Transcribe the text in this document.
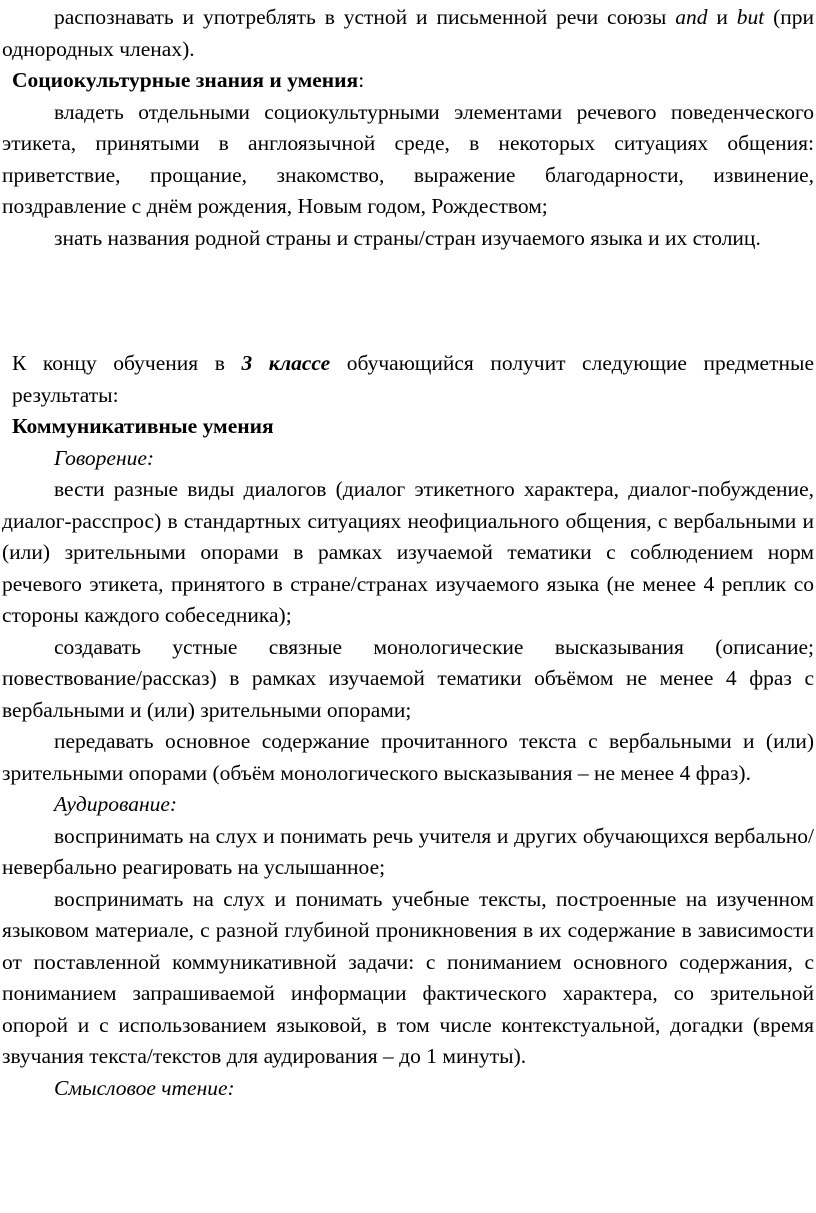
распознавать и употреблять в устной и письменной речи союзы and и but (при однородных членах).

Социокультурные знания и умения:

владеть отдельными социокультурными элементами речевого поведенческого этикета, принятыми в англоязычной среде, в некоторых ситуациях общения: приветствие, прощание, знакомство, выражение благодарности, извинение, поздравление с днём рождения, Новым годом, Рождеством;

знать названия родной страны и страны/стран изучаемого языка и их столиц.

К концу обучения в 3 классе обучающийся получит следующие предметные результаты:

Коммуникативные умения

Говорение:

вести разные виды диалогов (диалог этикетного характера, диалог-побуждение, диалог-расспрос) в стандартных ситуациях неофициального общения, с вербальными и (или) зрительными опорами в рамках изучаемой тематики с соблюдением норм речевого этикета, принятого в стране/странах изучаемого языка (не менее 4 реплик со стороны каждого собеседника);

создавать устные связные монологические высказывания (описание; повествование/рассказ) в рамках изучаемой тематики объёмом не менее 4 фраз с вербальными и (или) зрительными опорами;

передавать основное содержание прочитанного текста с вербальными и (или) зрительными опорами (объём монологического высказывания – не менее 4 фраз).

Аудирование:

воспринимать на слух и понимать речь учителя и других обучающихся вербально/невербально реагировать на услышанное;

воспринимать на слух и понимать учебные тексты, построенные на изученном языковом материале, с разной глубиной проникновения в их содержание в зависимости от поставленной коммуникативной задачи: с пониманием основного содержания, с пониманием запрашиваемой информации фактического характера, со зрительной опорой и с использованием языковой, в том числе контекстуальной, догадки (время звучания текста/текстов для аудирования – до 1 минуты).

Смысловое чтение:
